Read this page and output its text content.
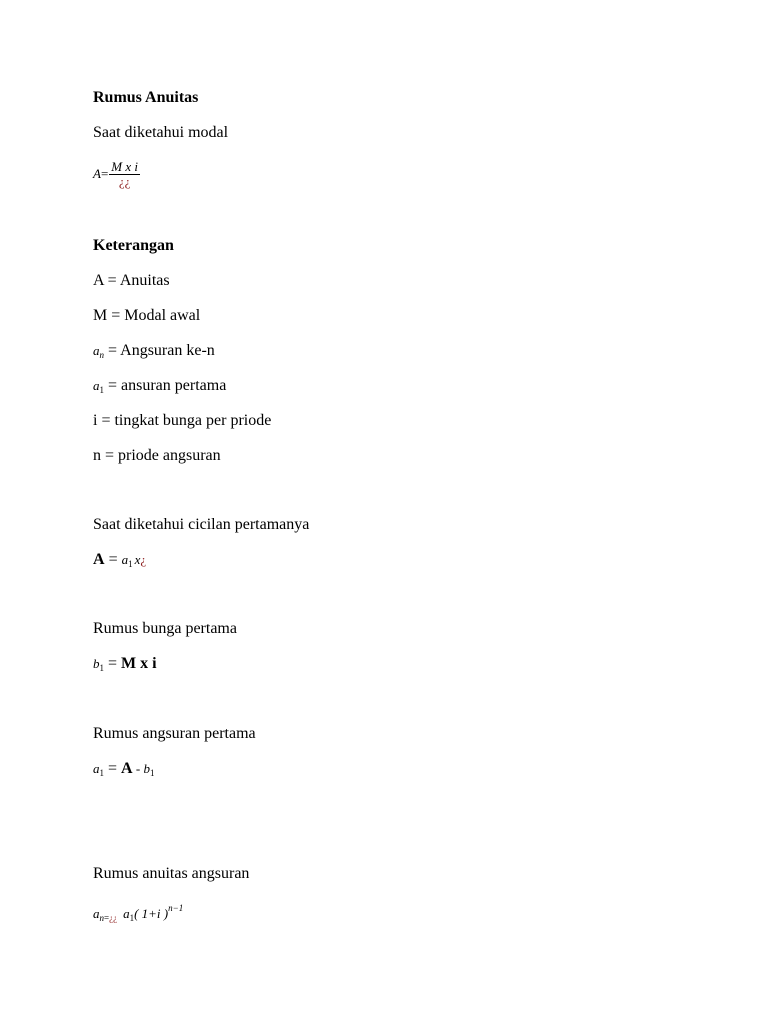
Rumus Anuitas
Saat diketahui modal
$A= \frac{\text{M x i}}{¿¿}$
Keterangan
A = Anuitas
M = Modal awal
$a_n$ = Angsuran ke-n
$a_1$ = ansuran pertama
i = tingkat bunga per priode
n = priode angsuran
Saat diketahui cicilan pertamanya
$A = a_1$ x¿
Rumus bunga pertama
$b_1 = M$ x i
Rumus angsuran pertama
$a_1 = A - b_1$
Rumus anuitas angsuran
$a_{n=¿¿}$ $a_1$( 1+i )$^{n-1}$
